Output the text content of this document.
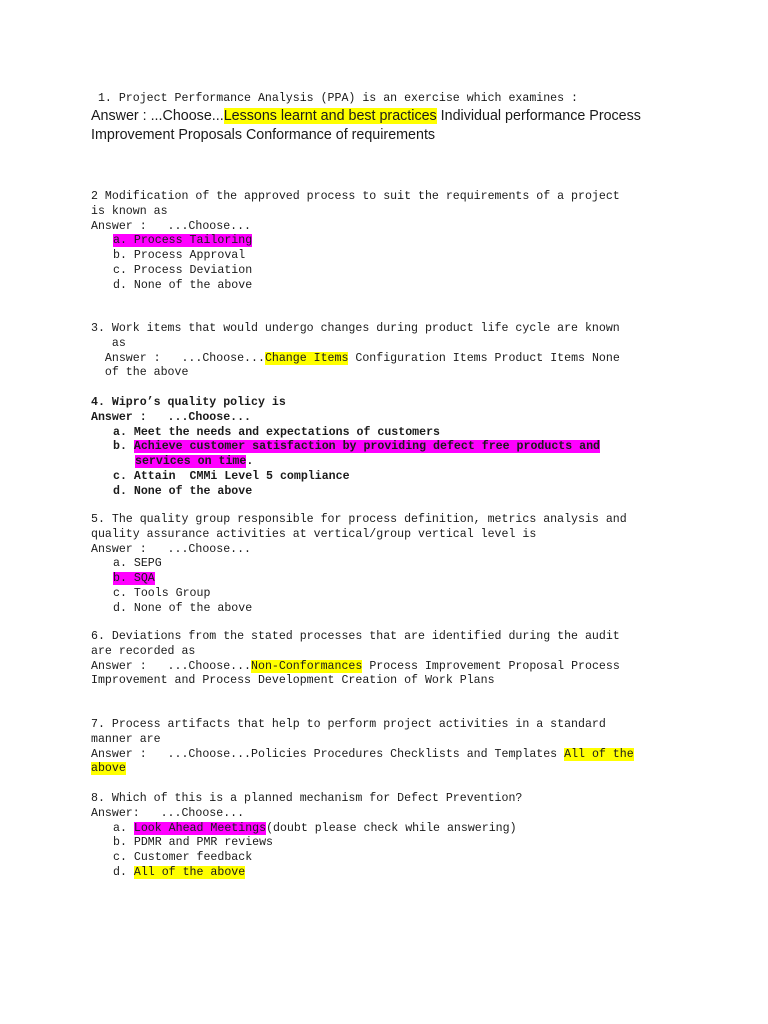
1. Project Performance Analysis (PPA) is an exercise which examines :
Answer : ...Choose...Lessons learnt and best practices Individual performance Process Improvement Proposals Conformance of requirements
2 Modification of the approved process to suit the requirements of a project
is known as
Answer :   ...Choose...
a. Process Tailoring
b. Process Approval
c. Process Deviation
d. None of the above
3. Work items that would undergo changes during product life cycle are known
as
Answer :   ...Choose...Change Items Configuration Items Product Items None
of the above
4. Wipro’s quality policy is
Answer :   ...Choose...
a. Meet the needs and expectations of customers
b. Achieve customer satisfaction by providing defect free products and
services on time.
c. Attain  CMMi Level 5 compliance
d. None of the above
5. The quality group responsible for process definition, metrics analysis and
quality assurance activities at vertical/group vertical level is
Answer :   ...Choose...
a. SEPG
b. SQA
c. Tools Group
d. None of the above
6. Deviations from the stated processes that are identified during the audit
are recorded as
Answer :   ...Choose...Non-Conformances Process Improvement Proposal Process
Improvement and Process Development Creation of Work Plans
7. Process artifacts that help to perform project activities in a standard
manner are
Answer :   ...Choose...Policies Procedures Checklists and Templates All of the
above
8. Which of this is a planned mechanism for Defect Prevention?
Answer:   ...Choose...
a. Look Ahead Meetings(doubt please check while answering)
b. PDMR and PMR reviews
c. Customer feedback
d. All of the above
